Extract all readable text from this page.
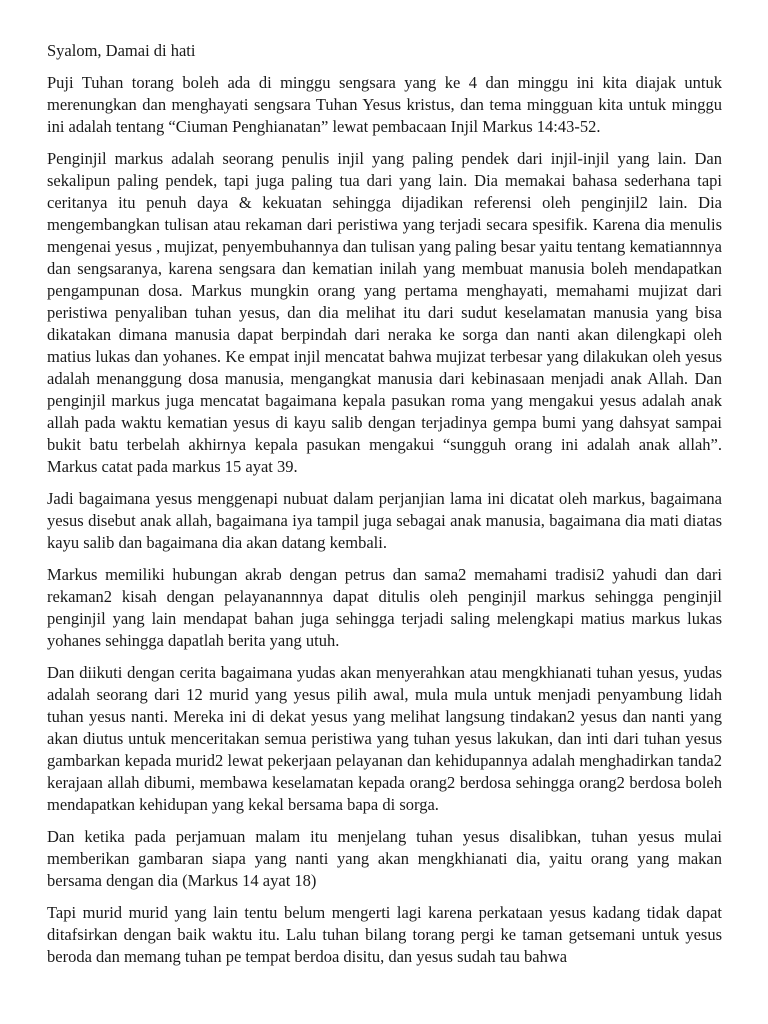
Syalom, Damai di hati

Puji Tuhan torang boleh ada di minggu sengsara yang ke 4 dan minggu ini kita diajak untuk merenungkan dan menghayati sengsara Tuhan Yesus kristus, dan tema mingguan kita untuk minggu ini adalah tentang “Ciuman Penghianatan” lewat pembacaan Injil Markus 14:43-52.

Penginjil markus adalah seorang penulis injil yang paling pendek dari injil-injil yang lain. Dan sekalipun paling pendek, tapi juga paling tua dari yang lain. Dia memakai bahasa sederhana tapi ceritanya itu penuh daya & kekuatan sehingga dijadikan referensi oleh penginjil2 lain. Dia mengembangkan tulisan atau rekaman dari peristiwa yang terjadi secara spesifik. Karena dia menulis mengenai yesus , mujizat, penyembuhannya dan tulisan yang paling besar yaitu tentang kematiannnya dan sengsaranya, karena sengsara dan kematian inilah yang membuat manusia boleh mendapatkan pengampunan dosa. Markus mungkin orang yang pertama menghayati, memahami mujizat dari peristiwa penyaliban tuhan yesus, dan dia melihat itu dari sudut keselamatan manusia yang bisa dikatakan dimana manusia dapat berpindah dari neraka ke sorga dan nanti akan dilengkapi oleh matius lukas dan yohanes. Ke empat injil mencatat bahwa mujizat terbesar yang dilakukan oleh yesus adalah menanggung dosa manusia, mengangkat manusia dari kebinasaan menjadi anak Allah. Dan penginjil markus juga mencatat bagaimana kepala pasukan roma yang mengakui yesus adalah anak allah pada waktu kematian yesus di kayu salib dengan terjadinya gempa bumi yang dahsyat sampai bukit batu terbelah akhirnya kepala pasukan mengakui “sungguh orang ini adalah anak allah”. Markus catat pada markus 15 ayat 39.

Jadi bagaimana yesus menggenapi nubuat dalam perjanjian lama ini dicatat oleh markus, bagaimana yesus disebut anak allah, bagaimana iya tampil juga sebagai anak manusia, bagaimana dia mati diatas kayu salib dan bagaimana dia akan datang kembali.

Markus memiliki hubungan akrab dengan petrus dan sama2 memahami tradisi2 yahudi dan dari rekaman2 kisah dengan pelayanannnya dapat ditulis oleh penginjil markus sehingga penginjil penginjil yang lain mendapat bahan juga sehingga terjadi saling melengkapi matius markus lukas yohanes sehingga dapatlah berita yang utuh.

Dan diikuti dengan cerita bagaimana yudas akan menyerahkan atau mengkhianati tuhan yesus, yudas adalah seorang dari 12 murid yang yesus pilih awal, mula mula untuk menjadi penyambung lidah tuhan yesus nanti. Mereka ini di dekat yesus yang melihat langsung tindakan2 yesus dan nanti yang akan diutus untuk menceritakan semua peristiwa yang tuhan yesus lakukan, dan inti dari tuhan yesus gambarkan kepada murid2 lewat pekerjaan pelayanan dan kehidupannya adalah menghadirkan tanda2 kerajaan allah dibumi, membawa keselamatan kepada orang2 berdosa sehingga orang2 berdosa boleh mendapatkan kehidupan yang kekal bersama bapa di sorga.

Dan ketika pada perjamuan malam itu menjelang tuhan yesus disalibkan, tuhan yesus mulai memberikan gambaran siapa yang nanti yang akan mengkhianati dia, yaitu orang yang makan bersama dengan dia (Markus 14 ayat 18)

Tapi murid murid yang lain tentu belum mengerti lagi karena perkataan yesus kadang tidak dapat ditafsirkan dengan baik waktu itu. Lalu tuhan bilang torang pergi ke taman getsemani untuk yesus beroda dan memang tuhan pe tempat berdoa disitu, dan yesus sudah tau bahwa
